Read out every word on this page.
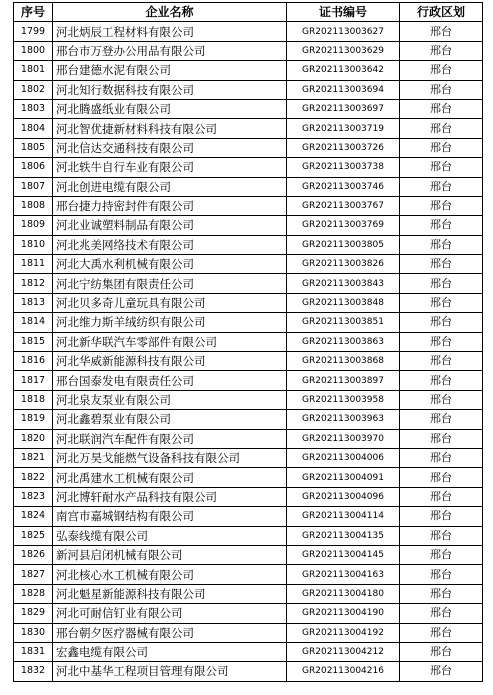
序号	企业名称	证书编号	行政区划
1799	河北炳辰工程材料有限公司	GR202113003627	邢台
1800	邢台市万登办公用品有限公司	GR202113003629	邢台
1801	邢台建德水泥有限公司	GR202113003642	邢台
1802	河北知行数据科技有限公司	GR202113003694	邢台
1803	河北腾盛纸业有限公司	GR202113003697	邢台
1804	河北智优捷新材料科技有限公司	GR202113003719	邢台
1805	河北信达交通科技有限公司	GR202113003726	邢台
1806	河北轶牛自行车业有限公司	GR202113003738	邢台
1807	河北创进电缆有限公司	GR202113003746	邢台
1808	邢台捷力持密封件有限公司	GR202113003767	邢台
1809	河北业诚塑料制品有限公司	GR202113003769	邢台
1810	河北兆美网络技术有限公司	GR202113003805	邢台
1811	河北大禹水利机械有限公司	GR202113003826	邢台
1812	河北宁纺集团有限责任公司	GR202113003843	邢台
1813	河北贝多奇儿童玩具有限公司	GR202113003848	邢台
1814	河北维力斯羊绒纺织有限公司	GR202113003851	邢台
1815	河北新华联汽车零部件有限公司	GR202113003863	邢台
1816	河北华威新能源科技有限公司	GR202113003868	邢台
1817	邢台国泰发电有限责任公司	GR202113003897	邢台
1818	河北泉友泵业有限公司	GR202113003958	邢台
1819	河北鑫碧泵业有限公司	GR202113003963	邢台
1820	河北联润汽车配件有限公司	GR202113003970	邢台
1821	河北万昊戈能燃气设备科技有限公司	GR202113004006	邢台
1822	河北禹建水工机械有限公司	GR202113004091	邢台
1823	河北博轩耐水产品科技有限公司	GR202113004096	邢台
1824	南宫市嘉城钢结构有限公司	GR202113004114	邢台
1825	弘泰线缆有限公司	GR202113004135	邢台
1826	新河县启闭机械有限公司	GR202113004145	邢台
1827	河北核心水工机械有限公司	GR202113004163	邢台
1828	河北魁星新能源科技有限公司	GR202113004180	邢台
1829	河北可耐信钉业有限公司	GR202113004190	邢台
1830	邢台朝夕医疗器械有限公司	GR202113004192	邢台
1831	宏鑫电缆有限公司	GR202113004212	邢台
1832	河北中基华工程项目管理有限公司	GR202113004216	邢台
